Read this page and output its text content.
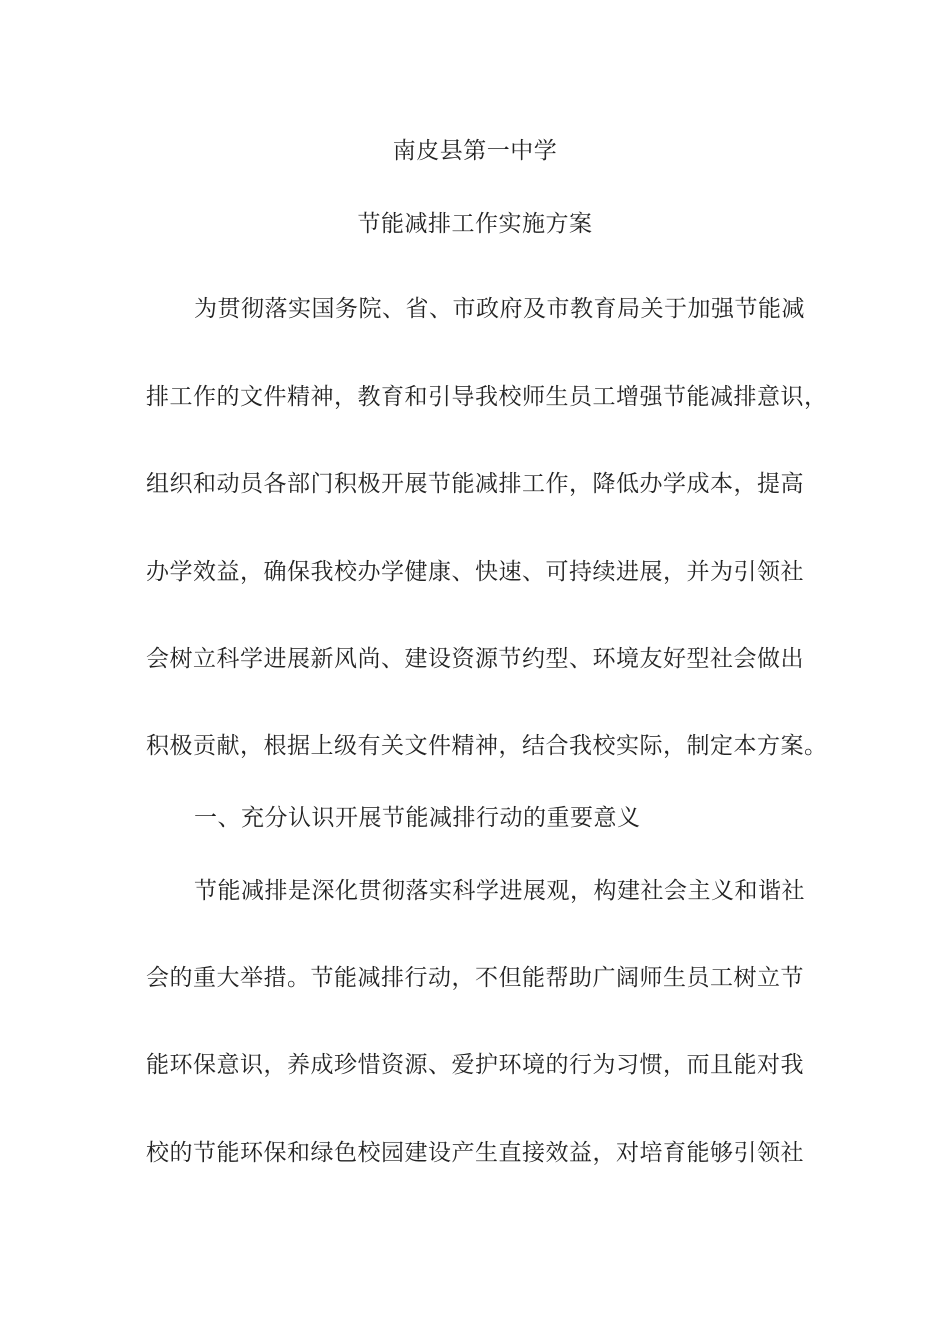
南皮县第一中学
节能减排工作实施方案
为贯彻落实国务院、省、市政府及市教育局关于加强节能减
排工作的文件精神，教育和引导我校师生员工增强节能减排意识，
组织和动员各部门积极开展节能减排工作，降低办学成本，提高
办学效益，确保我校办学健康、快速、可持续进展，并为引领社
会树立科学进展新风尚、建设资源节约型、环境友好型社会做出
积极贡献，根据上级有关文件精神，结合我校实际，制定本方案。
一、充分认识开展节能减排行动的重要意义
节能减排是深化贯彻落实科学进展观，构建社会主义和谐社
会的重大举措。节能减排行动，不但能帮助广阔师生员工树立节
能环保意识，养成珍惜资源、爱护环境的行为习惯，而且能对我
校的节能环保和绿色校园建设产生直接效益，对培育能够引领社
